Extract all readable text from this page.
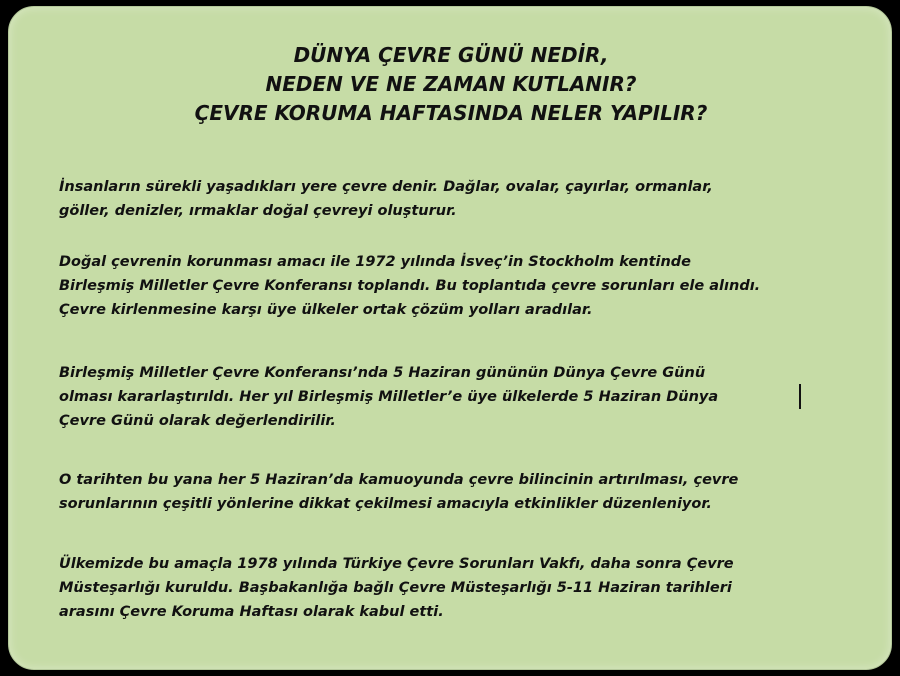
DÜNYA ÇEVRE GÜNÜ NEDİR,
NEDEN VE NE ZAMAN KUTLANIR?
ÇEVRE KORUMA HAFTASINDA NELER YAPILIR?
İnsanların sürekli yaşadıkları yere çevre denir. Dağlar, ovalar, çayırlar, ormanlar,
göller, denizler, ırmaklar doğal çevreyi oluşturur.
Doğal çevrenin korunması amacı ile 1972 yılında İsveç’in Stockholm kentinde
Birleşmiş Milletler Çevre Konferansı toplandı. Bu toplantıda çevre sorunları ele alındı.
Çevre kirlenmesine karşı üye ülkeler ortak çözüm yolları aradılar.
Birleşmiş Milletler Çevre Konferansı’nda 5 Haziran gününün Dünya Çevre Günü
olması kararlaştırıldı. Her yıl Birleşmiş Milletler’e üye ülkelerde 5 Haziran Dünya
Çevre Günü olarak değerlendirilir.
O tarihten bu yana her 5 Haziran’da kamuoyunda çevre bilincinin artırılması, çevre
sorunlarının çeşitli yönlerine dikkat çekilmesi amacıyla etkinlikler düzenleniyor.
Ülkemizde bu amaçla 1978 yılında Türkiye Çevre Sorunları Vakfı, daha sonra Çevre
Müsteşarlığı kuruldu. Başbakanlığa bağlı Çevre Müsteşarlığı 5-11 Haziran tarihleri
arasını Çevre Koruma Haftası olarak kabul etti.
